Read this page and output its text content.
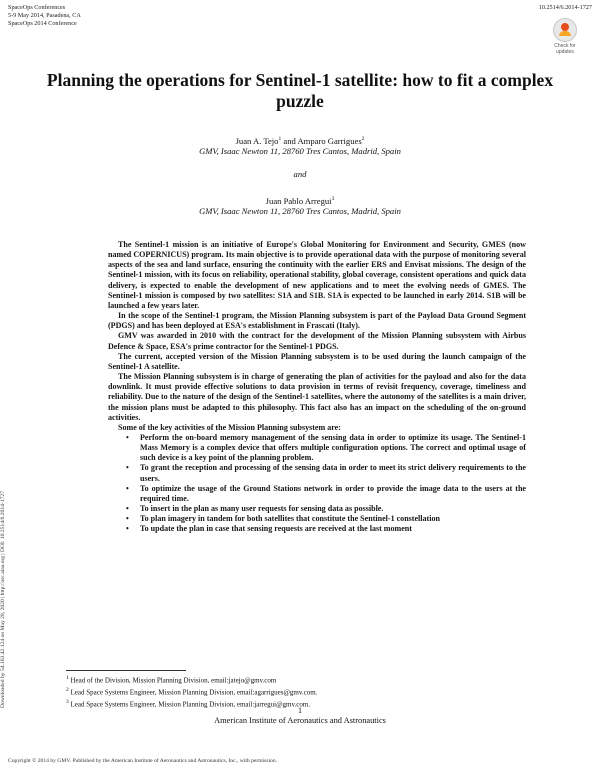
SpaceOps Conferences
5-9 May 2014, Pasadena, CA
SpaceOps 2014 Conference
10.2514/6.2014-1727
Check for
updates
Planning the operations for Sentinel-1 satellite: how to fit a complex puzzle
Juan A. Tejo$^1$ and Amparo Garrigues$^2$
GMV, Isaac Newton 11, 28760 Tres Cantos, Madrid, Spain
and
Juan Pablo Arregui$^3$
GMV, Isaac Newton 11, 28760 Tres Cantos, Madrid, Spain
Downloaded by 54.163.42.124 on May 28, 2020 | http://arc.aiaa.org | DOI: 10.2514/6.2014-1727

The Sentinel-1 mission is an initiative of Europe's Global Monitoring for Environment and Security, GMES (now named COPERNICUS) program. Its main objective is to provide operational data with the purpose of monitoring several aspects of the sea and land surface, ensuring the continuity with the earlier ERS and Envisat missions. The design of the Sentinel-1 mission, with its focus on reliability, operational stability, global coverage, consistent operations and quick data delivery, is expected to enable the development of new applications and to meet the evolving needs of GMES. The Sentinel-1 mission is composed by two satellites: S1A and S1B. S1A is expected to be launched in early 2014. S1B will be launched a few years later.

In the scope of the Sentinel-1 program, the Mission Planning subsystem is part of the Payload Data Ground Segment (PDGS) and has been deployed at ESA's establishment in Frascati (Italy).

GMV was awarded in 2010 with the contract for the development of the Mission Planning subsystem with Airbus Defence & Space, ESA's prime contractor for the Sentinel-1 PDGS.

The current, accepted version of the Mission Planning subsystem is to be used during the launch campaign of the Sentinel-1 A satellite.

The Mission Planning subsystem is in charge of generating the plan of activities for the payload and also for the data downlink. It must provide effective solutions to data provision in terms of revisit frequency, coverage, timeliness and reliability. Due to the nature of the design of the Sentinel-1 satellites, where the autonomy of the satellites is a main driver, the mission plans must be adapted to this philosophy. This fact also has an impact on the scheduling of the on-ground activities.

Some of the key activities of the Mission Planning subsystem are:

• Perform the on-board memory management of the sensing data in order to optimize its usage. The Sentinel-1 Mass Memory is a complex device that offers multiple configuration options. The correct and optimal usage of such device is a key point of the planning problem.
• To grant the reception and processing of the sensing data in order to meet its strict delivery requirements to the users.
• To optimize the usage of the Ground Stations network in order to provide the image data to the users at the required time.
• To insert in the plan as many user requests for sensing data as possible.
• To plan imagery in tandem for both satellites that constitute the Sentinel-1 constellation
• To update the plan in case that sensing requests are received at the last moment
$^1$ Head of the Division, Mission Planning Division, email:jatejo@gmv.com
$^2$ Lead Space Systems Engineer, Mission Planning Division, email:agarrigues@gmv.com.
$^3$ Lead Space Systems Engineer, Mission Planning Division, email:jarregui@gmv.com.
1
American Institute of Aeronautics and Astronautics
Copyright © 2014 by GMV. Published by the American Institute of Aeronautics and Astronautics, Inc., with permission.
